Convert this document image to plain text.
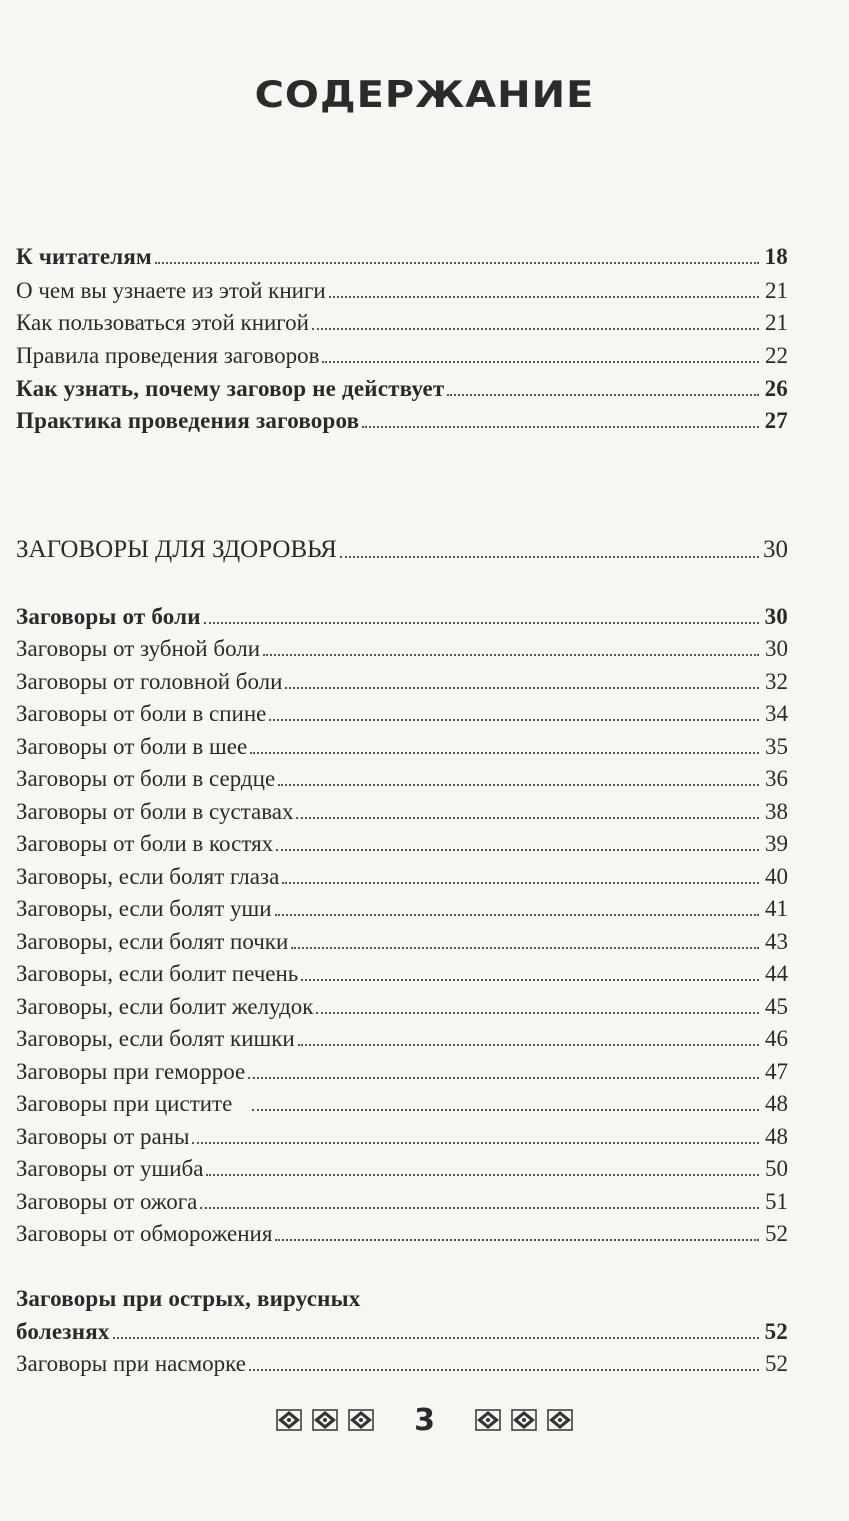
СОДЕРЖАНИЕ
К читателям	18
О чем вы узнаете из этой книги	21
Как пользоваться этой книгой	21
Правила проведения заговоров	22
Как узнать, почему заговор не действует	26
Практика проведения заговоров	27
ЗАГОВОРЫ ДЛЯ ЗДОРОВЬЯ	30
Заговоры от боли	30
Заговоры от зубной боли	30
Заговоры от головной боли	32
Заговоры от боли в спине	34
Заговоры от боли в шее	35
Заговоры от боли в сердце	36
Заговоры от боли в суставах	38
Заговоры от боли в костях	39
Заговоры, если болят глаза	40
Заговоры, если болят уши	41
Заговоры, если болят почки	43
Заговоры, если болит печень	44
Заговоры, если болит желудок	45
Заговоры, если болят кишки	46
Заговоры при геморрое	47
Заговоры при цистите	48
Заговоры от раны	48
Заговоры от ушиба	50
Заговоры от ожога	51
Заговоры от обморожения	52
Заговоры при острых, вирусных
болезнях	52
Заговоры при насморке	52
3
